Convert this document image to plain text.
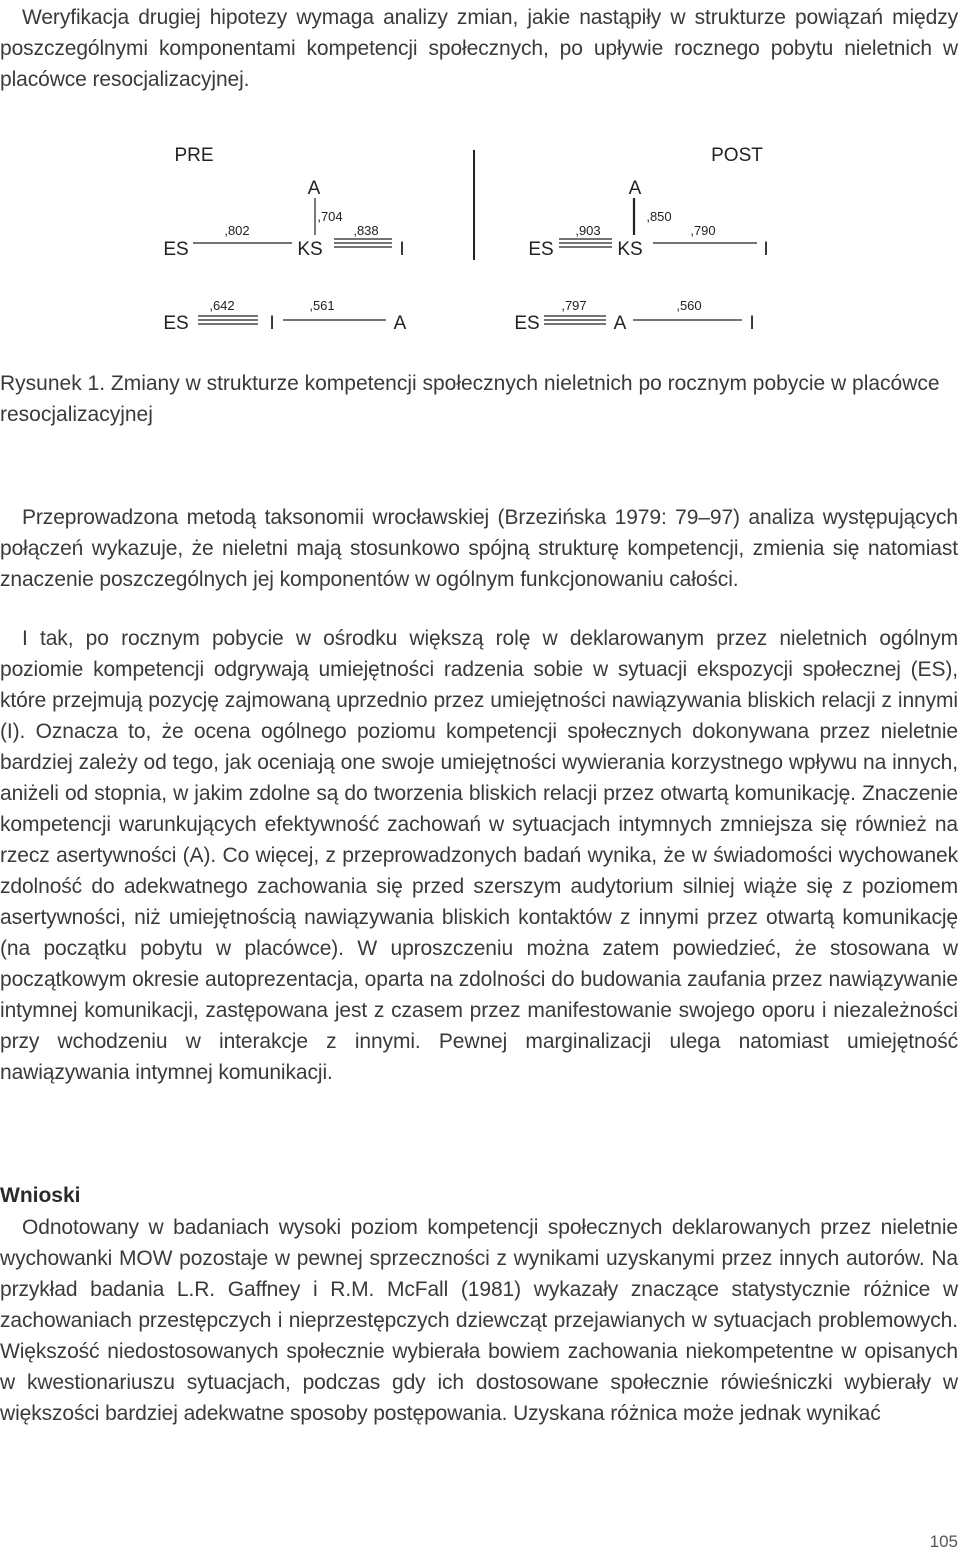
Weryfikacja drugiej hipotezy wymaga analizy zmian, jakie nastąpiły w strukturze powiązań między poszczególnymi komponentami kompetencji społecznych, po upływie rocznego pobytu nieletnich w placówce resocjalizacyjnej.

PRE	POST
ES
A
KS	I
,802
,704
,838
ES
A
KS	I
,903
,850
,790
ES	I	A
,642	,561
ES	A	I
,797	,560

Rysunek 1. Zmiany w strukturze kompetencji społecznych nieletnich po rocznym pobycie w placówce resocjalizacyjnej

Przeprowadzona metodą taksonomii wrocławskiej (Brzezińska 1979: 79–97) analiza występujących połączeń wykazuje, że nieletni mają stosunkowo spójną strukturę kompetencji, zmienia się natomiast znaczenie poszczególnych jej komponentów w ogólnym funkcjonowaniu całości.

I tak, po rocznym pobycie w ośrodku większą rolę w deklarowanym przez nieletnich ogólnym poziomie kompetencji odgrywają umiejętności radzenia sobie w sytuacji ekspozycji społecznej (ES), które przejmują pozycję zajmowaną uprzednio przez umiejętności nawiązywania bliskich relacji z innymi (I). Oznacza to, że ocena ogólnego poziomu kompetencji społecznych dokonywana przez nieletnie bardziej zależy od tego, jak oceniają one swoje umiejętności wywierania korzystnego wpływu na innych, aniżeli od stopnia, w jakim zdolne są do tworzenia bliskich relacji przez otwartą komunikację. Znaczenie kompetencji warunkujących efektywność zachowań w sytuacjach intymnych zmniejsza się również na rzecz asertywności (A). Co więcej, z przeprowadzonych badań wynika, że w świadomości wychowanek zdolność do adekwatnego zachowania się przed szerszym audytorium silniej wiąże się z poziomem asertywności, niż umiejętnością nawiązywania bliskich kontaktów z innymi przez otwartą komunikację (na początku pobytu w placówce). W uproszczeniu można zatem powiedzieć, że stosowana w początkowym okresie autoprezentacja, oparta na zdolności do budowania zaufania przez nawiązywanie intymnej komunikacji, zastępowana jest z czasem przez manifestowanie swojego oporu i niezależności przy wchodzeniu w interakcje z innymi. Pewnej marginalizacji ulega natomiast umiejętność nawiązywania intymnej komunikacji.

Wnioski

Odnotowany w badaniach wysoki poziom kompetencji społecznych deklarowanych przez nieletnie wychowanki MOW pozostaje w pewnej sprzeczności z wynikami uzyskanymi przez innych autorów. Na przykład badania L.R. Gaffney i R.M. McFall (1981) wykazały znaczące statystycznie różnice w zachowaniach przestępczych i nieprzestępczych dziewcząt przejawianych w sytuacjach problemowych. Większość niedostosowanych społecznie wybierała bowiem zachowania niekompetentne w opisanych w kwestionariuszu sytuacjach, podczas gdy ich dostosowane społecznie rówieśniczki wybierały w większości bardziej adekwatne sposoby postępowania. Uzyskana różnica może jednak wynikać

105
